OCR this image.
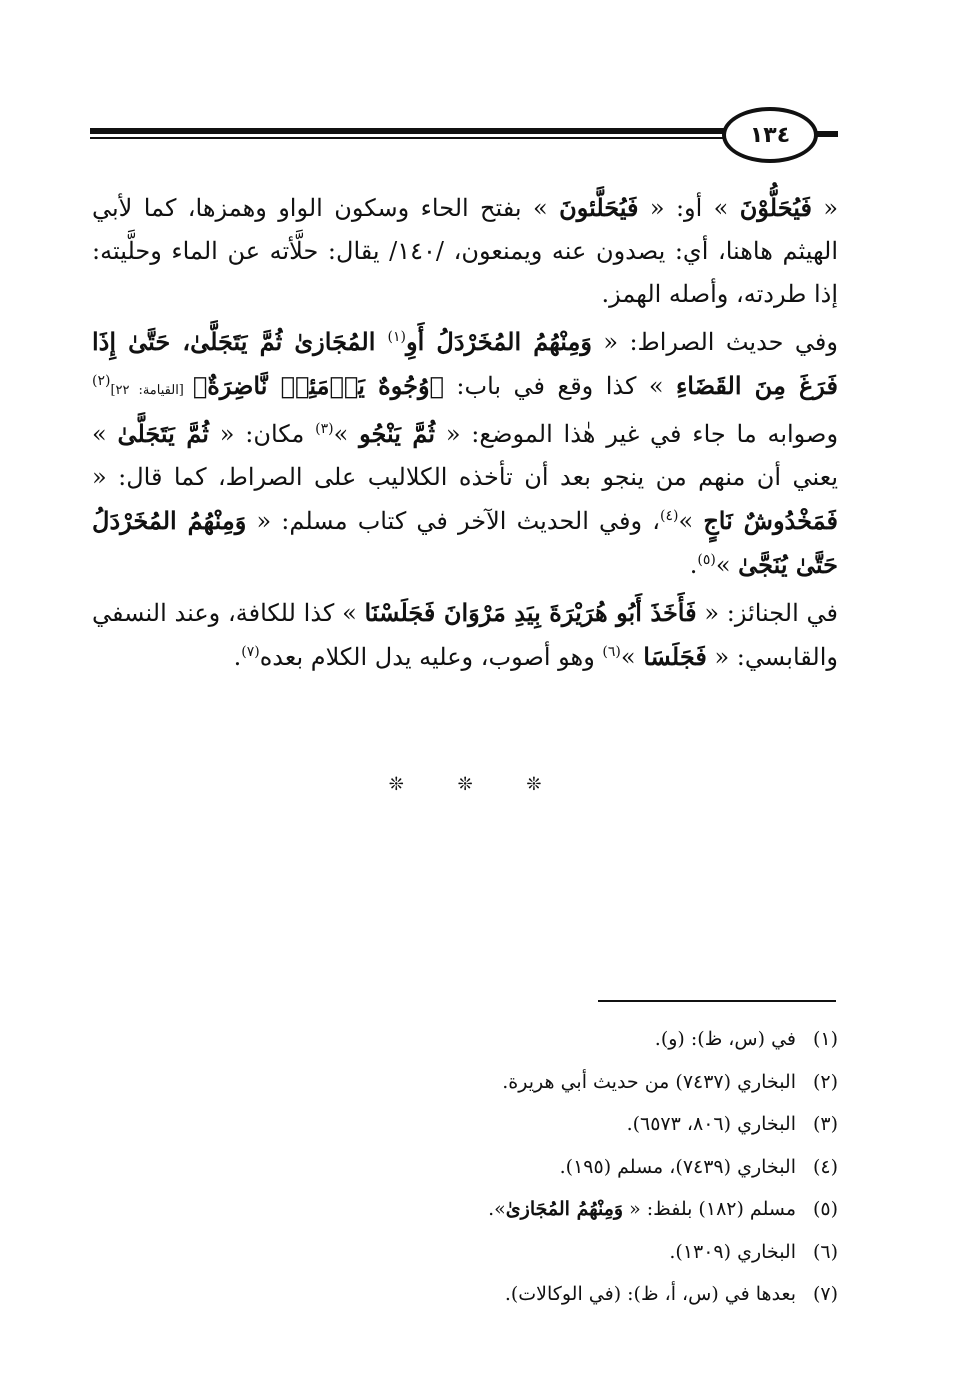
١٣٤

« فَيُحَلُّوْنَ » أو: « فَيُحَلَّئونَ » بفتح الحاء وسكون الواو وهمزها، كما لأبي الهيثم هاهنا، أي: يصدون عنه ويمنعون، /١٤٠/ يقال: حلَّأته عن الماء وحلَّيته: إذا طردته، وأصله الهمز.

وفي حديث الصراط: « وَمِنْهُمُ المُخَرْدَلُ أَوِ$^{(١)}$ المُجَازىٰ ثُمَّ يَتَجَلَّىٰ، حَتَّىٰ إِذَا فَرَغَ مِنَ القَضَاءِ » كذا وقع في باب: ﴿وُجُوهٌ يَوۡمَئِذٖ نَّاضِرَةٌ﴾ [القيامة: ٢٢]$^{(٢)}$ وصوابه ما جاء في غير هٰذا الموضع: « ثُمَّ يَنْجُو »$^{(٣)}$ مكان: « ثُمَّ يَتَجَلَّىٰ » يعني أن منهم من ينجو بعد أن تأخذه الكلاليب على الصراط، كما قال: « فَمَخْدُوشٌ نَاجٍ »$^{(٤)}$، وفي الحديث الآخر في كتاب مسلم: « وَمِنْهُمُ المُخَرْدَلُ حَتَّىٰ يُنَجَّىٰ »$^{(٥)}$.

في الجنائز: « فَأَخَذَ أَبُو هُرَيْرَةَ بِيَدِ مَرْوَانَ فَجَلَسْنَا » كذا للكافة، وعند النسفي والقابسي: « فَجَلَسَا »$^{(٦)}$ وهو أصوب، وعليه يدل الكلام بعده$^{(٧)}$.

❊ ❊ ❊
(١)في (س، ظ): (و).
(٢)البخاري (٧٤٣٧) من حديث أبي هريرة.
(٣)البخاري (٨٠٦، ٦٥٧٣).
(٤)البخاري (٧٤٣٩)، مسلم (١٩٥).
(٥)مسلم (١٨٢) بلفظ: « وَمِنْهُمُ المُجَازىٰ».
(٦)البخاري (١٣٠٩).
(٧)بعدها في (س، أ، ظ): (في الوكالات).
